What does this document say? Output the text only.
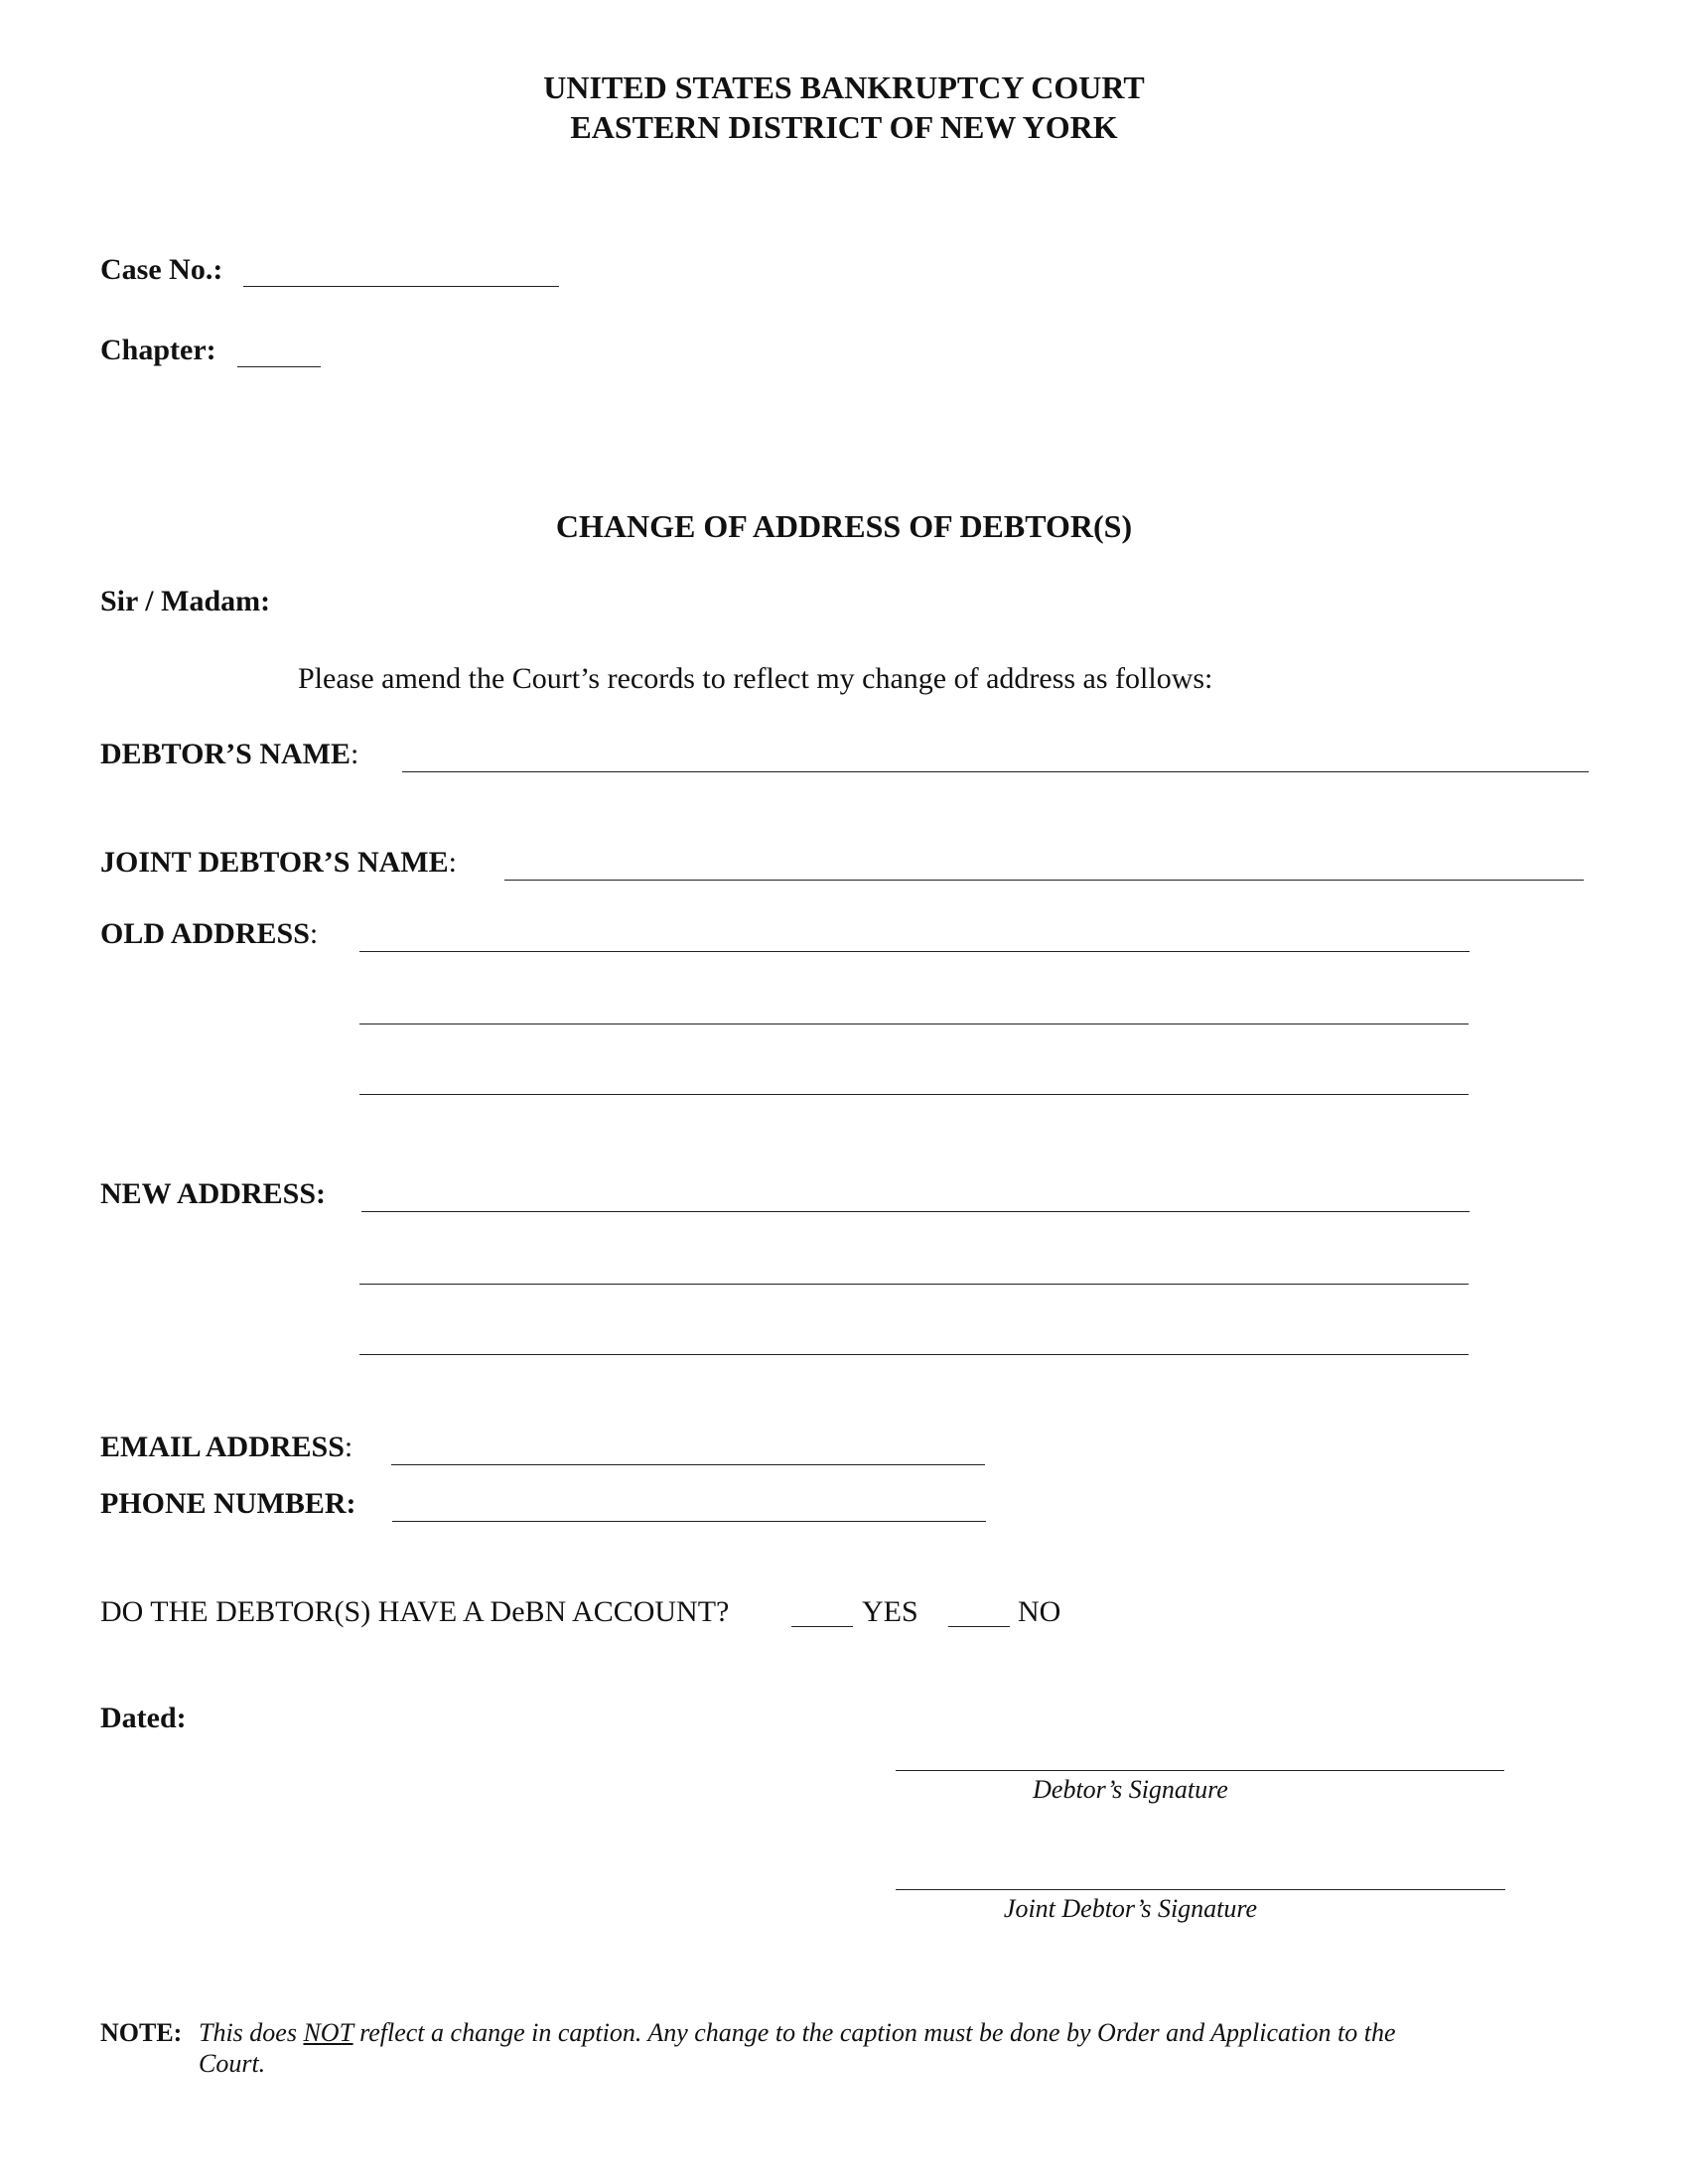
UNITED STATES BANKRUPTCY COURT
EASTERN DISTRICT OF NEW YORK
Case No.:
Chapter:
CHANGE OF ADDRESS OF DEBTOR(S)
Sir / Madam:
Please amend the Court’s records to reflect my change of address as follows:
DEBTOR’S NAME:
JOINT DEBTOR’S NAME:
OLD ADDRESS:
NEW ADDRESS:
EMAIL ADDRESS:
PHONE NUMBER:
DO THE DEBTOR(S) HAVE A DeBN ACCOUNT?	YES	NO
Dated:
Debtor’s Signature
Joint Debtor’s Signature
NOTE: This does NOT reflect a change in caption. Any change to the caption must be done by Order and Application to the
Court.
